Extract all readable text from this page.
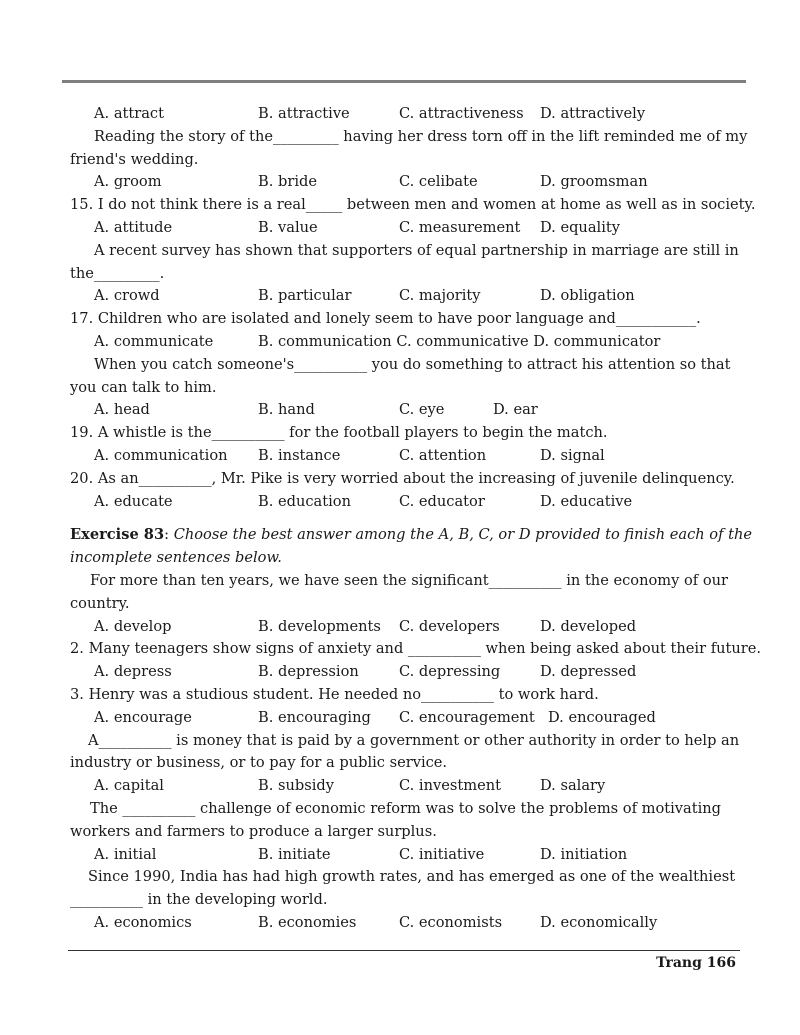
A. attract	B. attractive	C. attractiveness D. attractively
Reading the story of the_________ having her dress torn off in the lift reminded me of my
friend's wedding.
A. groom	B. bride	C. celibate	D. groomsman
15. I do not think there is a real_____ between men and women at home as well as in society.
A. attitude	B. value	C. measurement D. equality
A recent survey has shown that supporters of equal partnership in marriage are still in
the_________.
A. crowd	B. particular	C. majority	D. obligation
17. Children who are isolated and lonely seem to have poor language and___________.
A. communicate	B. communication C. communicative D. communicator
When you catch someone's__________ you do something to attract his attention so that
you can talk to him.
A. head	B. hand	C. eye	D. ear
19. A whistle is the__________ for the football players to begin the match.
A. communication B. instance	C. attention	D. signal
20. As an__________, Mr. Pike is very worried about the increasing of juvenile delinquency.
A. educate	B. education	C. educator	D. educative
Exercise 83: Choose the best answer among the A, B, C, or D provided to finish each of the
incomplete sentences below.
For more than ten years, we have seen the significant__________ in the economy of our
country.
A. develop	B. developments C. developers	D. developed
2. Many teenagers show signs of anxiety and __________ when being asked about their future.
A. depress	B. depression	C. depressing	D. depressed
3. Henry was a studious student. He needed no__________ to work hard.
A. encourage	B. encouraging C. encouragement D. encouraged
A__________ is money that is paid by a government or other authority in order to help an
industry or business, or to pay for a public service.
A. capital	B. subsidy	C. investment	D. salary
The __________ challenge of economic reform was to solve the problems of motivating
workers and farmers to produce a larger surplus.
A. initial	B. initiate	C. initiative	D. initiation
Since 1990, India has had high growth rates, and has emerged as one of the wealthiest
__________ in the developing world.
A. economics	B. economies	C. economists	D. economically
Trang 166
